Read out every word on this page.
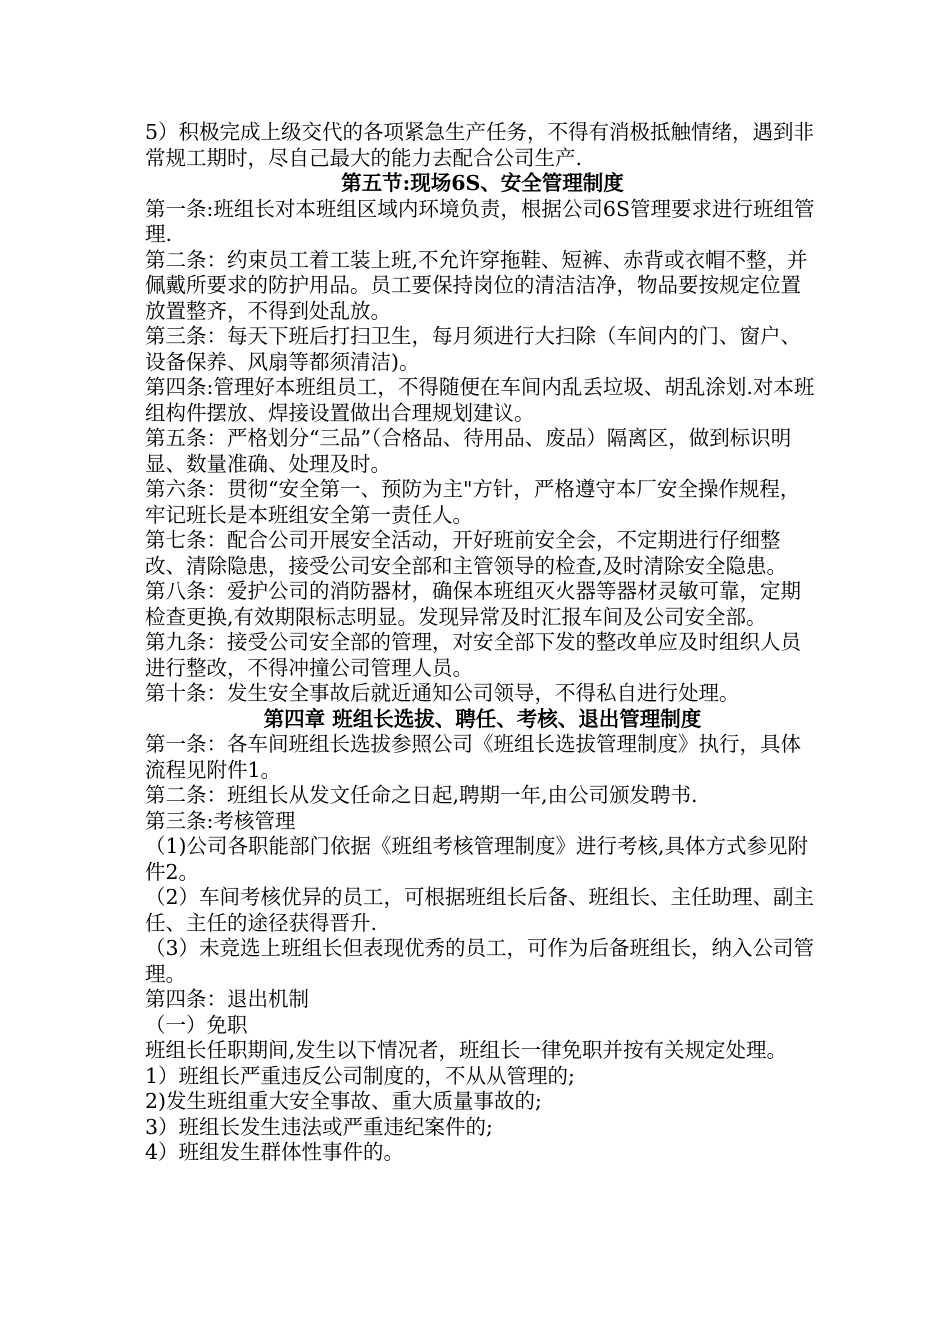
5）积极完成上级交代的各项紧急生产任务，不得有消极抵触情绪，遇到非常规工期时，尽自己最大的能力去配合公司生产.

第五节:现场6S、安全管理制度

第一条:班组长对本班组区域内环境负责，根据公司6S管理要求进行班组管理.

第二条：约束员工着工装上班,不允许穿拖鞋、短裤、赤背或衣帽不整，并佩戴所要求的防护用品。员工要保持岗位的清洁洁净，物品要按规定位置放置整齐，不得到处乱放。

第三条：每天下班后打扫卫生，每月须进行大扫除（车间内的门、窗户、设备保养、风扇等都须清洁)。

第四条:管理好本班组员工，不得随便在车间内乱丢垃圾、胡乱涂划.对本班组构件摆放、焊接设置做出合理规划建议。

第五条：严格划分“三品”（合格品、待用品、废品）隔离区，做到标识明显、数量准确、处理及时。

第六条：贯彻“安全第一、预防为主"方针，严格遵守本厂安全操作规程，牢记班长是本班组安全第一责任人。

第七条：配合公司开展安全活动，开好班前安全会，不定期进行仔细整改、清除隐患，接受公司安全部和主管领导的检查,及时清除安全隐患。

第八条：爱护公司的消防器材，确保本班组灭火器等器材灵敏可靠，定期检查更换,有效期限标志明显。发现异常及时汇报车间及公司安全部。

第九条：接受公司安全部的管理，对安全部下发的整改单应及时组织人员进行整改，不得冲撞公司管理人员。

第十条：发生安全事故后就近通知公司领导，不得私自进行处理。

第四章 班组长选拔、聘任、考核、退出管理制度

第一条：各车间班组长选拔参照公司《班组长选拔管理制度》执行，具体流程见附件1。

第二条：班组长从发文任命之日起,聘期一年,由公司颁发聘书.

第三条:考核管理

（1)公司各职能部门依据《班组考核管理制度》进行考核,具体方式参见附件2。

（2）车间考核优异的员工，可根据班组长后备、班组长、主任助理、副主任、主任的途径获得晋升.

（3）未竞选上班组长但表现优秀的员工，可作为后备班组长，纳入公司管理。

第四条：退出机制

（一）免职

班组长任职期间,发生以下情况者，班组长一律免职并按有关规定处理。

1）班组长严重违反公司制度的，不从从管理的;

2)发生班组重大安全事故、重大质量事故的;

3）班组长发生违法或严重违纪案件的;

4）班组发生群体性事件的。
